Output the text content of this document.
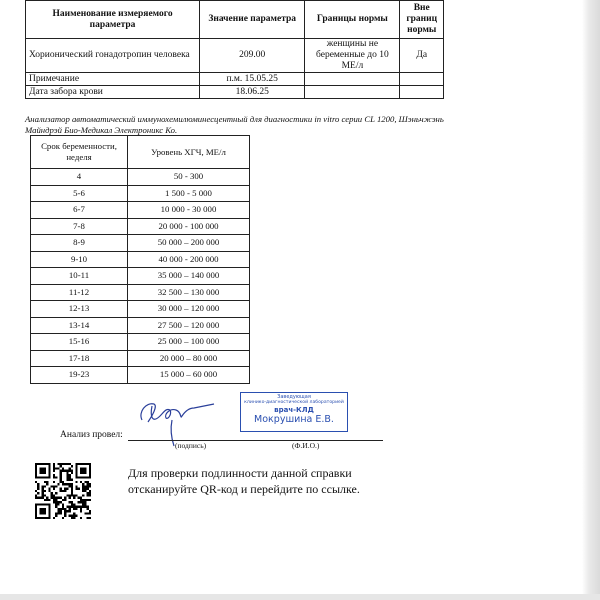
Наименование измеряемого параметра	Значение параметра	Границы нормы	Вне границ нормы
Хорионический гонадотропин человека	209.00	женщины не беременные до 10 МЕ/л	Да
Примечание	п.м. 15.05.25		
Дата забора крови	18.06.25		
Анализатор автоматический иммунохемилюминесцентный для диагностики in vitro серии CL 1200, Шэньчжэнь Майндрэй Био-Медикал Электроникс Ко.
Срок беременности, неделя	Уровень ХГЧ, МЕ/л
4	50 - 300
5-6	1 500 - 5 000
6-7	10 000 - 30 000
7-8	20 000 - 100 000
8-9	50 000 – 200 000
9-10	40 000 - 200 000
10-11	35 000 – 140 000
11-12	32 500 – 130 000
12-13	30 000 – 120 000
13-14	27 500 – 120 000
15-16	25 000 – 100 000
17-18	20 000 – 80 000
19-23	15 000 – 60 000
Заведующая
клинико-диагностической лабораторией
врач-КЛД
Мокрушина Е.В.
Анализ провел:
(подпись)	(Ф.И.О.)
Для проверки подлинности данной справки
отсканируйте QR-код и перейдите по ссылке.
